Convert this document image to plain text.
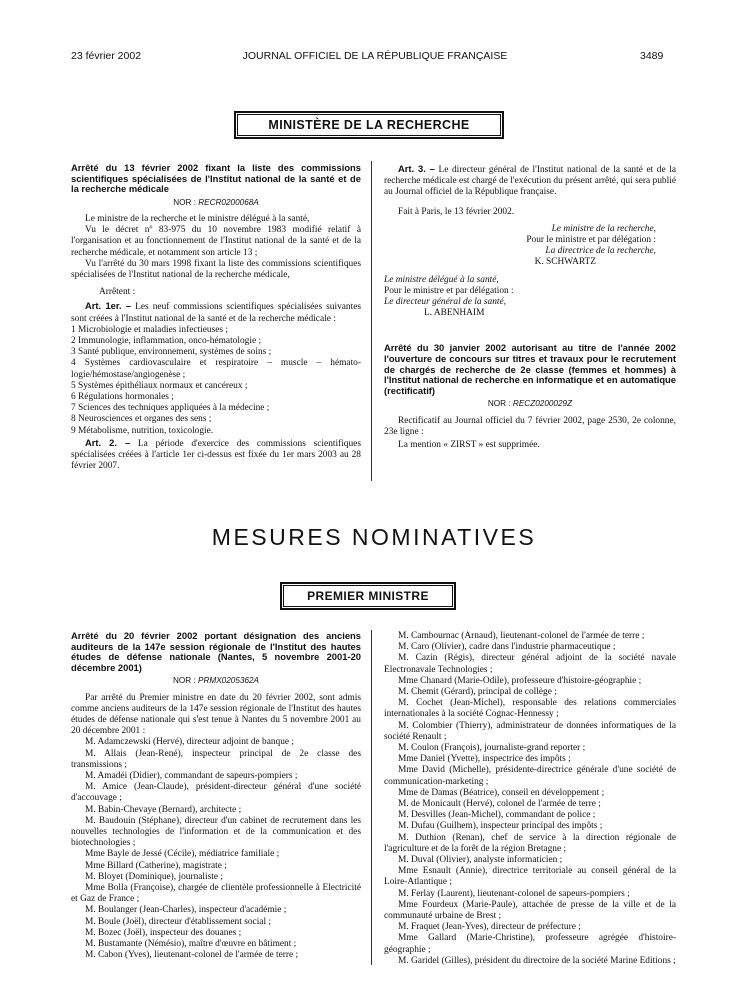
23 février 2002	JOURNAL OFFICIEL DE LA RÉPUBLIQUE FRANÇAISE	3489
MINISTÈRE DE LA RECHERCHE
Arrêté du 13 février 2002 fixant la liste des commissions scientifiques spécialisées de l'Institut national de la santé et de la recherche médicale
NOR : RECR0200068A

Le ministre de la recherche et le ministre délégué à la santé,

Vu le décret nº 83-975 du 10 novembre 1983 modifié relatif à l'organisation et au fonctionnement de l'Institut national de la santé et de la recherche médicale, et notamment son article 13 ;

Vu l'arrêté du 30 mars 1998 fixant la liste des commissions scientifiques spécialisées de l'Institut national de la recherche médicale,

Arrêtent :

Art. 1er. – Les neuf commissions scientifiques spécialisées suivantes sont créées à l'Institut national de la santé et de la recherche médicale :

1 Microbiologie et maladies infectieuses ;

2 Immunologie, inflammation, onco-hématologie ;

3 Santé publique, environnement, systèmes de soins ;

4 Systèmes cardiovasculaire et respiratoire – muscle – hémato-logie/hémostase/angiogenèse ;

5 Systèmes épithéliaux normaux et cancéreux ;

6 Régulations hormonales ;

7 Sciences des techniques appliquées à la médecine ;

8 Neurosciences et organes des sens ;

9 Métabolisme, nutrition, toxicologie.

Art. 2. – La période d'exercice des commissions scientifiques spécialisées créées à l'article 1er ci-dessus est fixée du 1er mars 2003 au 28 février 2007.

Art. 3. – Le directeur général de l'Institut national de la santé et de la recherche médicale est chargé de l'exécution du présent arrêté, qui sera publié au Journal officiel de la République française.

Fait à Paris, le 13 février 2002.

Le ministre de la recherche,
Pour le ministre et par délégation :
La directrice de la recherche,
K. SCHWARTZ
Le ministre délégué à la santé,
Pour le ministre et par délégation :
Le directeur général de la santé,
L. ABENHAIM
Arrêté du 30 janvier 2002 autorisant au titre de l'année 2002 l'ouverture de concours sur titres et travaux pour le recrutement de chargés de recherche de 2e classe (femmes et hommes) à l'Institut national de recherche en informatique et en automatique (rectificatif)
NOR : RECZ0200029Z

Rectificatif au Journal officiel du 7 février 2002, page 2530, 2e colonne, 23e ligne :

La mention « ZIRST » est supprimée.

MESURES NOMINATIVES
PREMIER MINISTRE
Arrêté du 20 février 2002 portant désignation des anciens auditeurs de la 147e session régionale de l'Institut des hautes études de défense nationale (Nantes, 5 novembre 2001-20 décembre 2001)
NOR : PRMX0205362A

Par arrêté du Premier ministre en date du 20 février 2002, sont admis comme anciens auditeurs de la 147e session régionale de l'Institut des hautes études de défense nationale qui s'est tenue à Nantes du 5 novembre 2001 au 20 décembre 2001 :

M. Adamczewski (Hervé), directeur adjoint de banque ;

M. Allais (Jean-René), inspecteur principal de 2e classe des transmissions ;

M. Amadéi (Didier), commandant de sapeurs-pompiers ;

M. Amice (Jean-Claude), président-directeur général d'une société d'accouvage ;

M. Babin-Chevaye (Bernard), architecte ;

M. Baudouin (Stéphane), directeur d'un cabinet de recrutement dans les nouvelles technologies de l'information et de la communication et des biotechnologies ;

Mme Bayle de Jessé (Cécile), médiatrice familiale ;

Mme Billard (Catherine), magistrate ;

M. Bloyet (Dominique), journaliste ;

Mme Bolla (Françoise), chargée de clientèle professionnelle à Electricité et Gaz de France ;

M. Boulanger (Jean-Charles), inspecteur d'académie ;

M. Boule (Joël), directeur d'établissement social ;

M. Bozec (Joël), inspecteur des douanes ;

M. Bustamante (Némésio), maître d'œuvre en bâtiment ;

M. Cabon (Yves), lieutenant-colonel de l'armée de terre ;

M. Cambournac (Arnaud), lieutenant-colonel de l'armée de terre ;

M. Caro (Olivier), cadre dans l'industrie pharmaceutique ;

M. Cazin (Régis), directeur général adjoint de la société navale Electronavale Technologies ;

Mme Chanard (Marie-Odile), professeure d'histoire-géographie ;

M. Chemit (Gérard), principal de collège ;

M. Cochet (Jean-Michel), responsable des relations commerciales internationales à la société Cognac-Hennessy ;

M. Colombier (Thierry), administrateur de données informatiques de la société Renault ;

M. Coulon (François), journaliste-grand reporter ;

Mme Daniel (Yvette), inspectrice des impôts ;

Mme David (Michelle), présidente-directrice générale d'une société de communication-marketing ;

Mme de Damas (Béatrice), conseil en développement ;

M. de Monicault (Hervé), colonel de l'armée de terre ;

M. Desvilles (Jean-Michel), commandant de police ;

M. Dufau (Guilhem), inspecteur principal des impôts ;

M. Duthion (Renan), chef de service à la direction régionale de l'agriculture et de la forêt de la région Bretagne ;

M. Duval (Olivier), analyste informaticien ;

Mme Esnault (Annie), directrice territoriale au conseil général de la Loire-Atlantique ;

M. Ferlay (Laurent), lieutenant-colonel de sapeurs-pompiers ;

Mme Fourdeux (Marie-Paule), attachée de presse de la ville et de la communauté urbaine de Brest ;

M. Fraquet (Jean-Yves), directeur de préfecture ;

Mme Gallard (Marie-Christine), professeure agrégée d'histoire-géographie ;

M. Garidel (Gilles), président du directoire de la société Marine Editions ;
